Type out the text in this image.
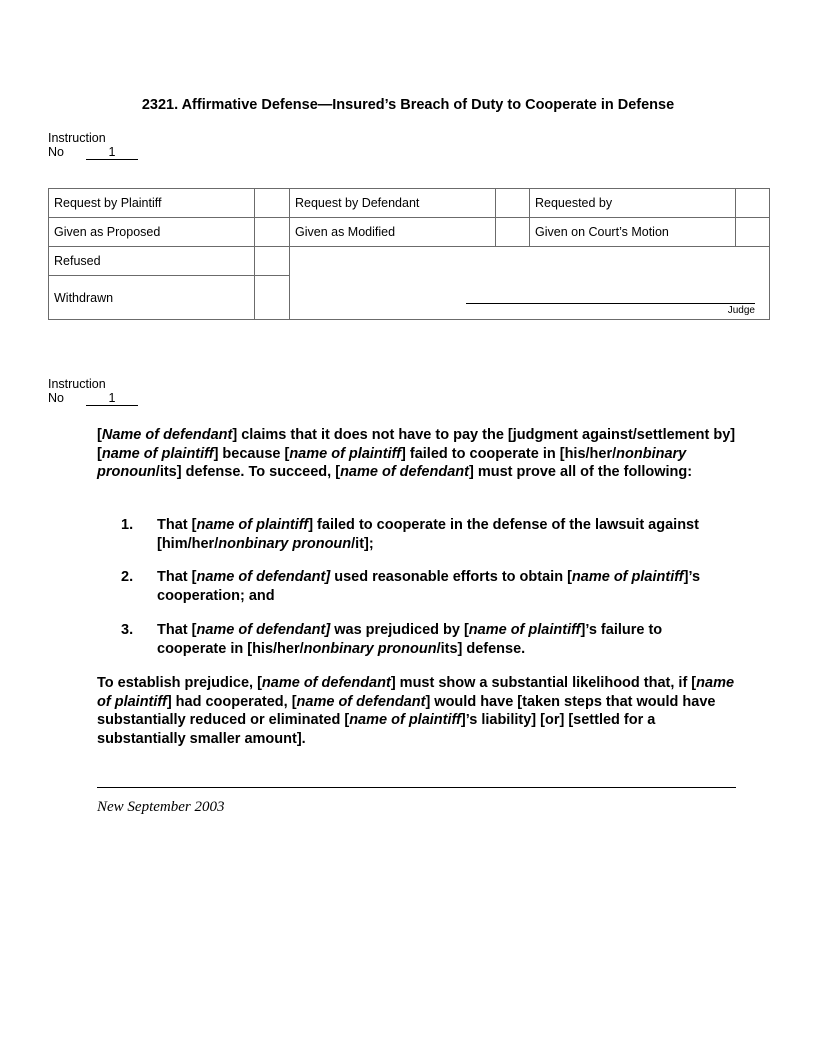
2321. Affirmative Defense—Insured’s Breach of Duty to Cooperate in Defense
Instruction
No	1
Request by Plaintiff		Request by Defendant		Requested by	
Given as Proposed		Given as Modified		Given on Court’s Motion	
Refused		Judge			

Withdrawn					
Instruction
No	1

[Name of defendant] claims that it does not have to pay the [judgment against/settlement by] [name of plaintiff] because [name of plaintiff] failed to cooperate in [his/her/nonbinary pronoun/its] defense. To succeed, [name of defendant] must prove all of the following:

1. That [name of plaintiff] failed to cooperate in the defense of the lawsuit against [him/her/nonbinary pronoun/it];
2. That [name of defendant] used reasonable efforts to obtain [name of plaintiff]’s cooperation; and
3. That [name of defendant] was prejudiced by [name of plaintiff]’s failure to cooperate in [his/her/nonbinary pronoun/its] defense.

To establish prejudice, [name of defendant] must show a substantial likelihood that, if [name of plaintiff] had cooperated, [name of defendant] would have [taken steps that would have substantially reduced or eliminated [name of plaintiff]’s liability] [or] [settled for a substantially smaller amount].

New September 2003
